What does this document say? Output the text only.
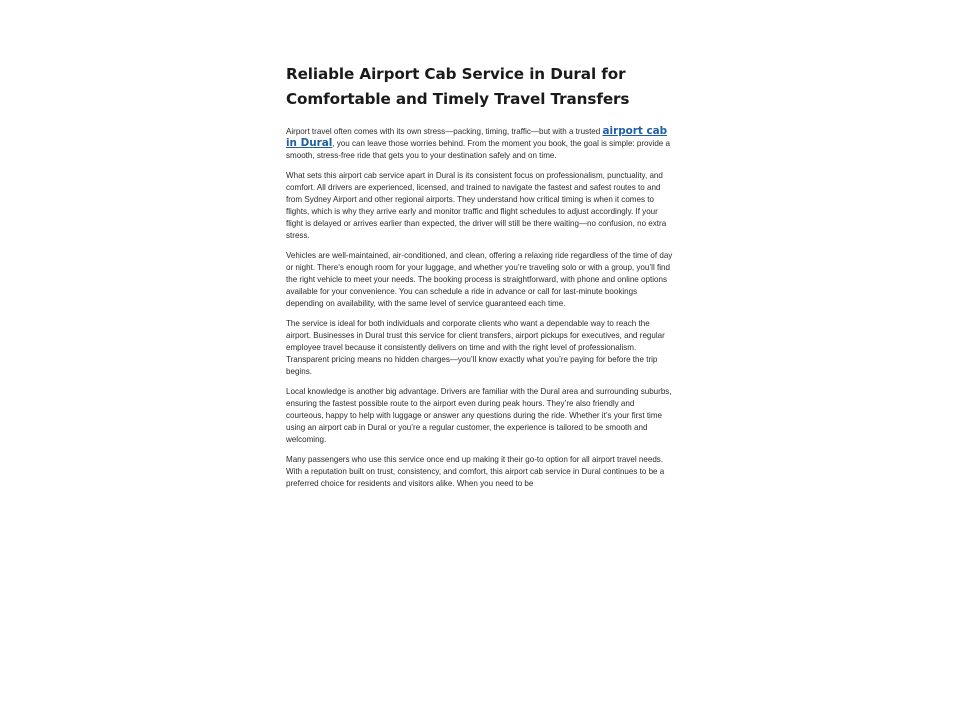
Reliable Airport Cab Service in Dural for Comfortable and Timely Travel Transfers

Airport travel often comes with its own stress—packing, timing, traffic—but with a trusted airport cab in Dural, you can leave those worries behind. From the moment you book, the goal is simple: provide a smooth, stress-free ride that gets you to your destination safely and on time.

What sets this airport cab service apart in Dural is its consistent focus on professionalism, punctuality, and comfort. All drivers are experienced, licensed, and trained to navigate the fastest and safest routes to and from Sydney Airport and other regional airports. They understand how critical timing is when it comes to flights, which is why they arrive early and monitor traffic and flight schedules to adjust accordingly. If your flight is delayed or arrives earlier than expected, the driver will still be there waiting—no confusion, no extra stress.

Vehicles are well-maintained, air-conditioned, and clean, offering a relaxing ride regardless of the time of day or night. There’s enough room for your luggage, and whether you’re traveling solo or with a group, you’ll find the right vehicle to meet your needs. The booking process is straightforward, with phone and online options available for your convenience. You can schedule a ride in advance or call for last-minute bookings depending on availability, with the same level of service guaranteed each time.

The service is ideal for both individuals and corporate clients who want a dependable way to reach the airport. Businesses in Dural trust this service for client transfers, airport pickups for executives, and regular employee travel because it consistently delivers on time and with the right level of professionalism. Transparent pricing means no hidden charges—you’ll know exactly what you’re paying for before the trip begins.

Local knowledge is another big advantage. Drivers are familiar with the Dural area and surrounding suburbs, ensuring the fastest possible route to the airport even during peak hours. They’re also friendly and courteous, happy to help with luggage or answer any questions during the ride. Whether it’s your first time using an airport cab in Dural or you’re a regular customer, the experience is tailored to be smooth and welcoming.

Many passengers who use this service once end up making it their go-to option for all airport travel needs. With a reputation built on trust, consistency, and comfort, this airport cab service in Dural continues to be a preferred choice for residents and visitors alike. When you need to be
